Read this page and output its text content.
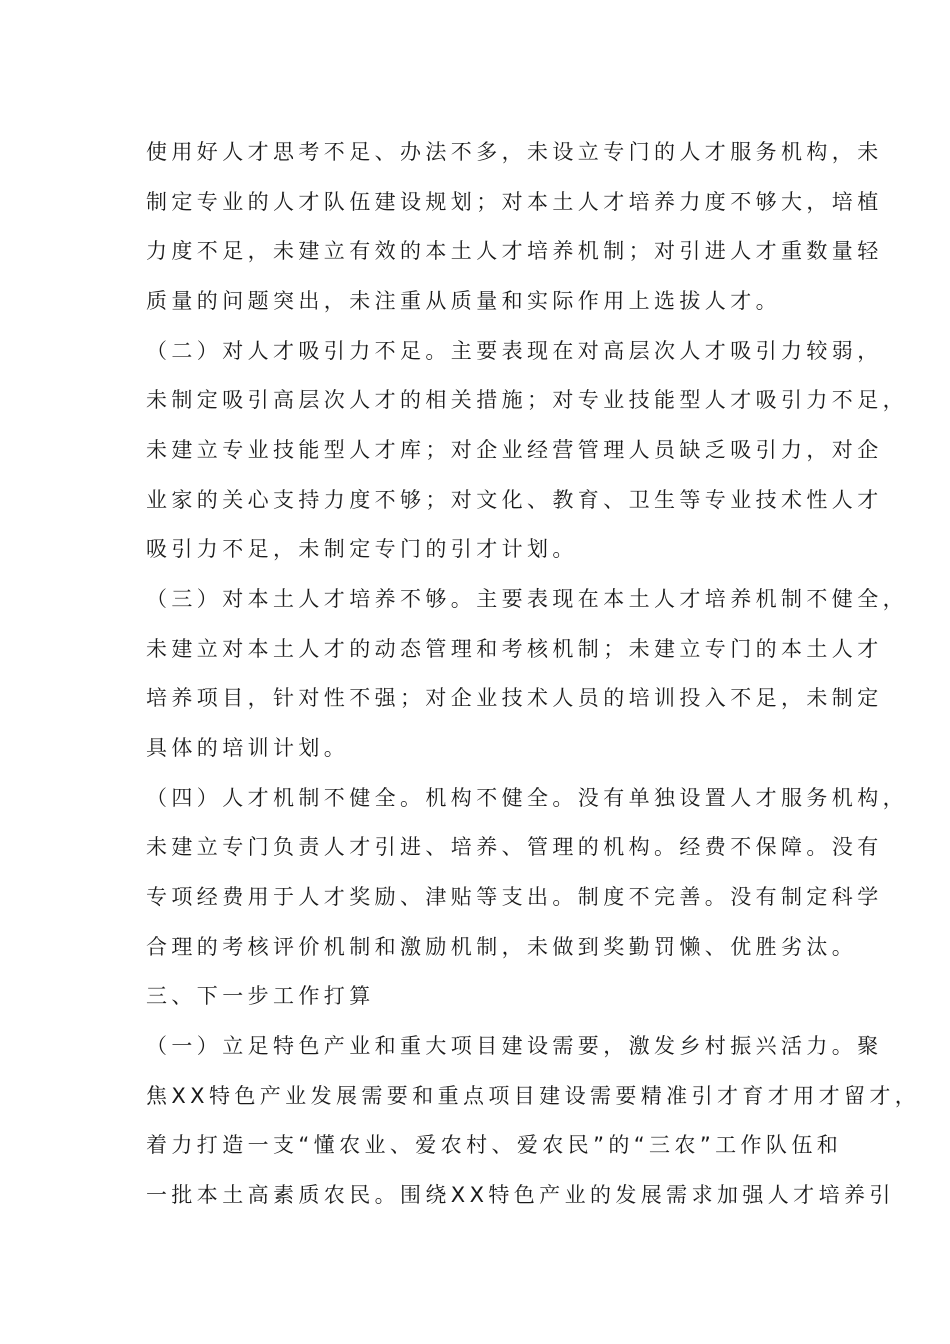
使用好人才思考不足、办法不多，未设立专门的人才服务机构，未
制定专业的人才队伍建设规划；对本土人才培养力度不够大，培植
力度不足，未建立有效的本土人才培养机制；对引进人才重数量轻
质量的问题突出，未注重从质量和实际作用上选拔人才。
（二）对人才吸引力不足。主要表现在对高层次人才吸引力较弱，
未制定吸引高层次人才的相关措施；对专业技能型人才吸引力不足，
未建立专业技能型人才库；对企业经营管理人员缺乏吸引力，对企
业家的关心支持力度不够；对文化、教育、卫生等专业技术性人才
吸引力不足，未制定专门的引才计划。
（三）对本土人才培养不够。主要表现在本土人才培养机制不健全，
未建立对本土人才的动态管理和考核机制；未建立专门的本土人才
培养项目，针对性不强；对企业技术人员的培训投入不足，未制定
具体的培训计划。
（四）人才机制不健全。机构不健全。没有单独设置人才服务机构，
未建立专门负责人才引进、培养、管理的机构。经费不保障。没有
专项经费用于人才奖励、津贴等支出。制度不完善。没有制定科学
合理的考核评价机制和激励机制，未做到奖勤罚懒、优胜劣汰。
三、下一步工作打算
（一）立足特色产业和重大项目建设需要，激发乡村振兴活力。聚
焦XX特色产业发展需要和重点项目建设需要精准引才育才用才留才，
着力打造一支“懂农业、爱农村、爱农民”的“三农”工作队伍和
一批本土高素质农民。围绕XX特色产业的发展需求加强人才培养引
